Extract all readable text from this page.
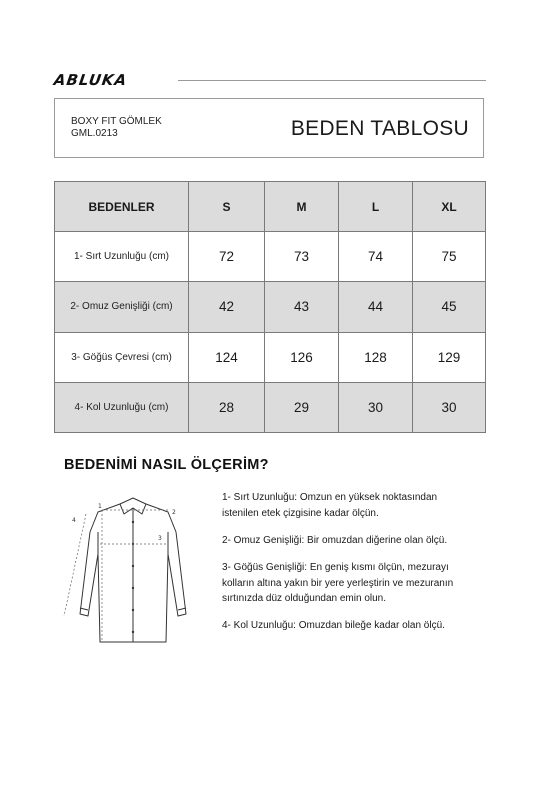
ABLUKA
BOXY FIT GÖMLEK
GML.0213	BEDEN TABLOSU
BEDENLER	S	M	L	XL
1- Sırt Uzunluğu (cm)	72	73	74	75
2- Omuz Genişliği (cm)	42	43	44	45
3- Göğüs Çevresi (cm)	124	126	128	129
4- Kol Uzunluğu (cm)	28	29	30	30
BEDENİMİ NASIL ÖLÇERİM?
1
2
3
4
1- Sırt Uzunluğu: Omzun en yüksek noktasından
istenilen etek çizgisine kadar ölçün.
2- Omuz Genişliği: Bir omuzdan diğerine olan ölçü.
3- Göğüs Genişliği: En geniş kısmı ölçün, mezurayı
kolların altına yakın bir yere yerleştirin ve mezuranın
sırtınızda düz olduğundan emin olun.
4- Kol Uzunluğu: Omuzdan bileğe kadar olan ölçü.
